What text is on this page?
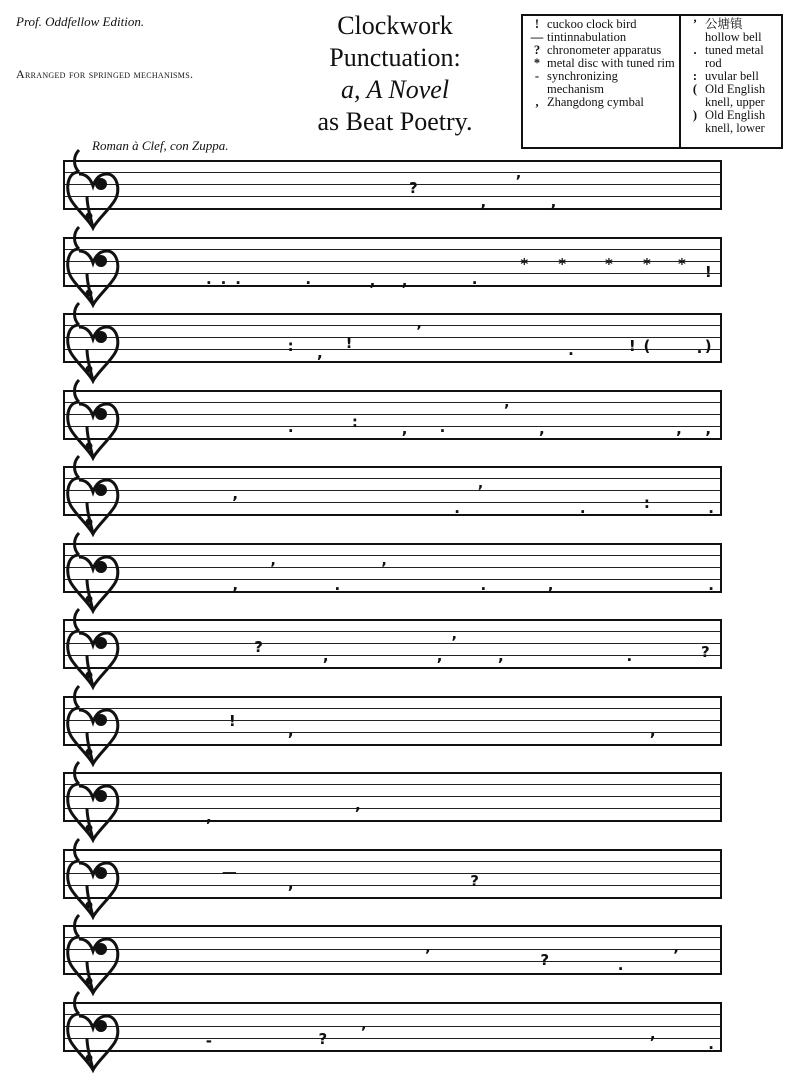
Prof. Oddfellow Edition.
Arranged for springed mechanisms.
Clockwork
Punctuation:
a, A Novel
as Beat Poetry.
! cuckoo clock bird
— tintinnabulation
? chronometer apparatus
* metal disc with tuned rim
- synchronizing mechanism
, Zhangdong cymbal
’ 公塘镇 hollow bell
. tuned metal rod
: uvular bell
( Old English knell, upper
) Old English knell, lower
Roman à Clef, con Zuppa.
?
,
’
,
. . .	.	, ,	.
* *	* * * !
: ,
!
’
.	! (	. )
.	:	, .
’
,	, ,
,	’
.	.	:	.
,
’
.
’
.	,	.
?
,	,
’
,	.	?
!
,	,
,
,
—
,	?
’	?	.
’
-	? ’	,
.
